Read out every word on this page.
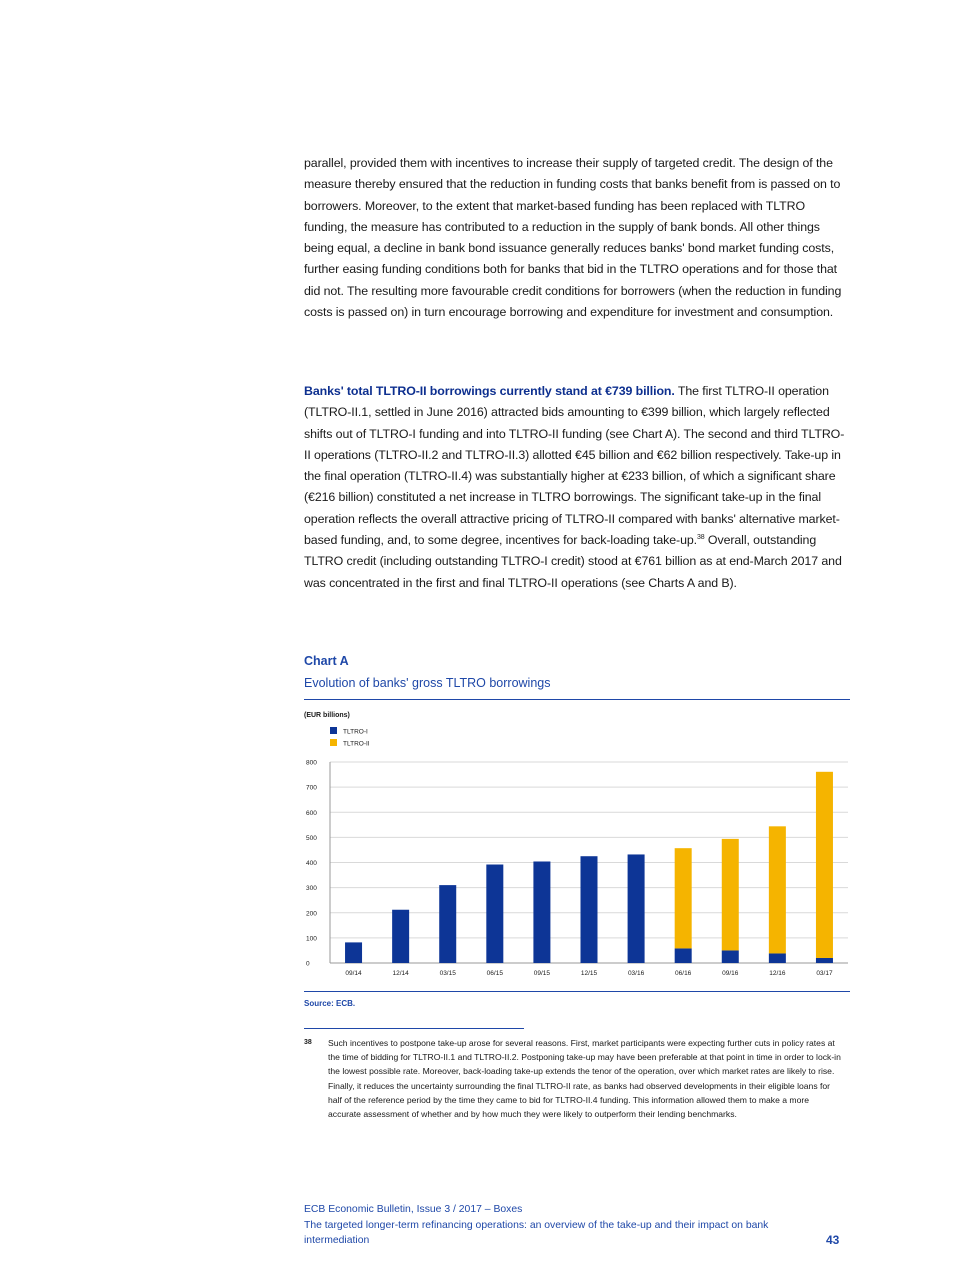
parallel, provided them with incentives to increase their supply of targeted credit. The design of the measure thereby ensured that the reduction in funding costs that banks benefit from is passed on to borrowers. Moreover, to the extent that market-based funding has been replaced with TLTRO funding, the measure has contributed to a reduction in the supply of bank bonds. All other things being equal, a decline in bank bond issuance generally reduces banks' bond market funding costs, further easing funding conditions both for banks that bid in the TLTRO operations and for those that did not. The resulting more favourable credit conditions for borrowers (when the reduction in funding costs is passed on) in turn encourage borrowing and expenditure for investment and consumption.

Banks' total TLTRO-II borrowings currently stand at €739 billion. The first TLTRO-II operation (TLTRO-II.1, settled in June 2016) attracted bids amounting to €399 billion, which largely reflected shifts out of TLTRO-I funding and into TLTRO-II funding (see Chart A). The second and third TLTRO-II operations (TLTRO-II.2 and TLTRO-II.3) allotted €45 billion and €62 billion respectively. Take-up in the final operation (TLTRO-II.4) was substantially higher at €233 billion, of which a significant share (€216 billion) constituted a net increase in TLTRO borrowings. The significant take-up in the final operation reflects the overall attractive pricing of TLTRO-II compared with banks' alternative market-based funding, and, to some degree, incentives for back-loading take-up.$^{38}$ Overall, outstanding TLTRO credit (including outstanding TLTRO-I credit) stood at €761 billion as at end-March 2017 and was concentrated in the first and final TLTRO-II operations (see Charts A and B).

Chart A
Evolution of banks' gross TLTRO borrowings
(EUR billions)
TLTRO-I
TLTRO-II
0
100
200
300
400
500
600
700
800
09/14	12/14	03/15	06/15	09/15	12/15	03/16	06/16	09/16	12/16	03/17
Source: ECB.
38 Such incentives to postpone take-up arose for several reasons. First, market participants were expecting further cuts in policy rates at the time of bidding for TLTRO-II.1 and TLTRO-II.2. Postponing take-up may have been preferable at that point in time in order to lock-in the lowest possible rate. Moreover, back-loading take-up extends the tenor of the operation, over which market rates are likely to rise. Finally, it reduces the uncertainty surrounding the final TLTRO-II rate, as banks had observed developments in their eligible loans for half of the reference period by the time they came to bid for TLTRO-II.4 funding. This information allowed them to make a more accurate assessment of whether and by how much they were likely to outperform their lending benchmarks.

ECB Economic Bulletin, Issue 3 / 2017 – Boxes
The targeted longer-term refinancing operations: an overview of the take-up and their impact on bank intermediation	43
